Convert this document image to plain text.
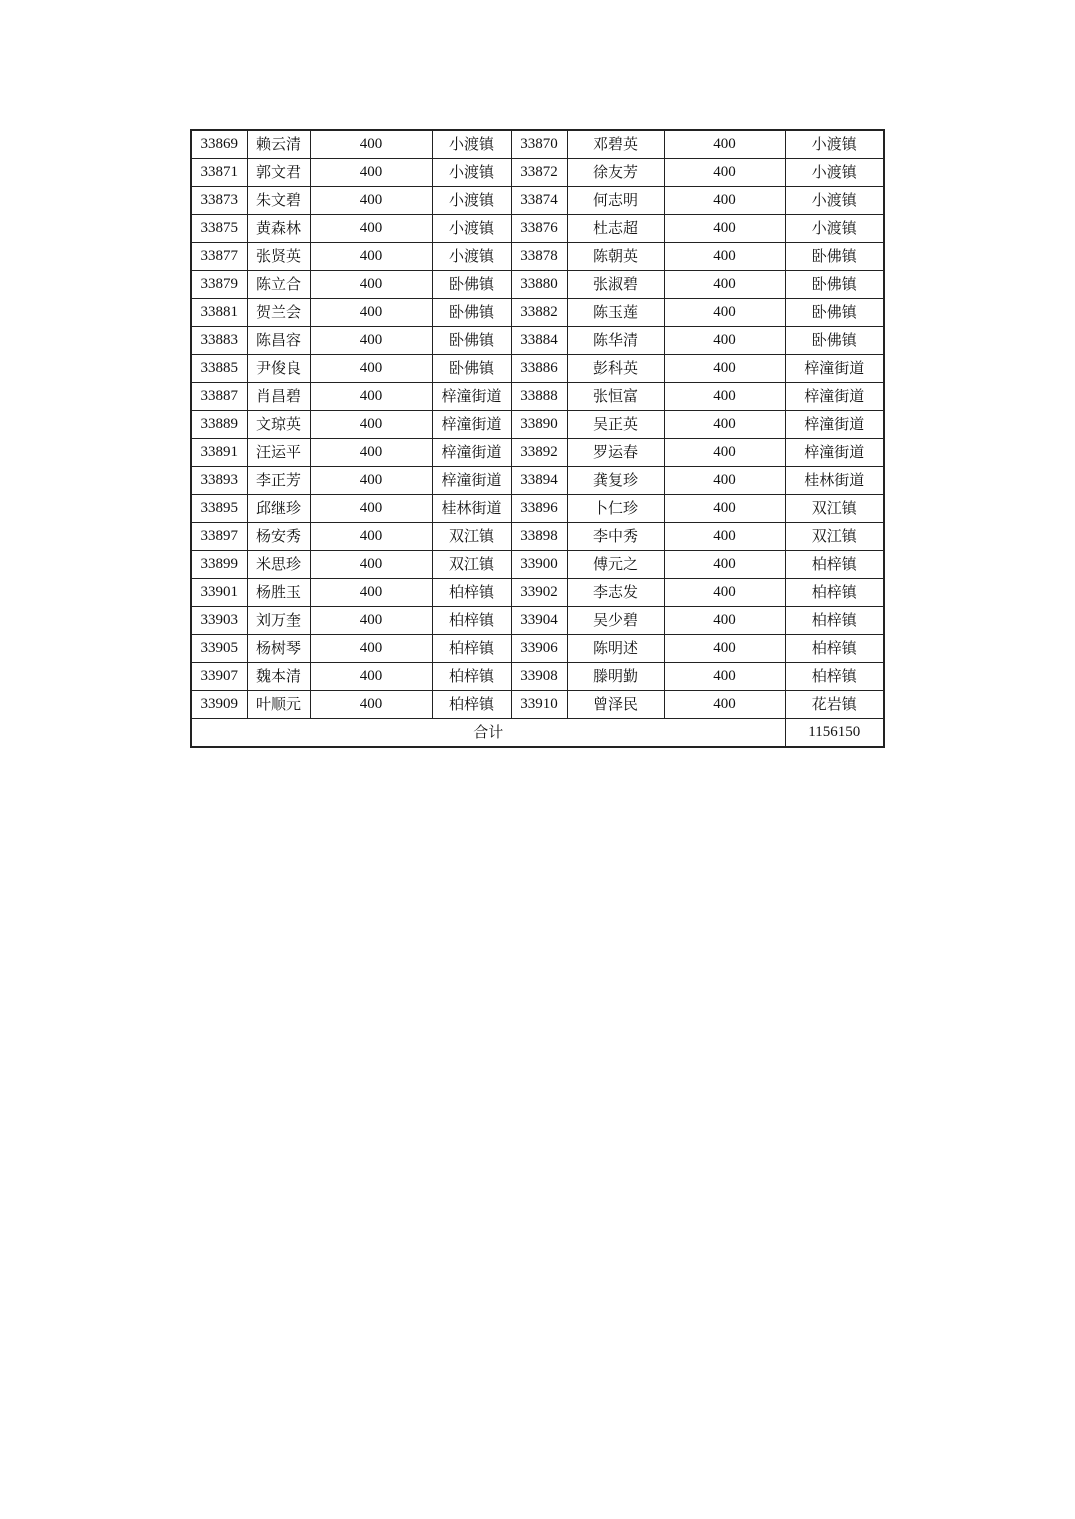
33869	赖云清	400	小渡镇	33870	邓碧英	400	小渡镇
33871	郭文君	400	小渡镇	33872	徐友芳	400	小渡镇
33873	朱文碧	400	小渡镇	33874	何志明	400	小渡镇
33875	黄森林	400	小渡镇	33876	杜志超	400	小渡镇
33877	张贤英	400	小渡镇	33878	陈朝英	400	卧佛镇
33879	陈立合	400	卧佛镇	33880	张淑碧	400	卧佛镇
33881	贺兰会	400	卧佛镇	33882	陈玉莲	400	卧佛镇
33883	陈昌容	400	卧佛镇	33884	陈华清	400	卧佛镇
33885	尹俊良	400	卧佛镇	33886	彭科英	400	梓潼街道
33887	肖昌碧	400	梓潼街道	33888	张恒富	400	梓潼街道
33889	文琼英	400	梓潼街道	33890	吴正英	400	梓潼街道
33891	汪运平	400	梓潼街道	33892	罗运春	400	梓潼街道
33893	李正芳	400	梓潼街道	33894	龚复珍	400	桂林街道
33895	邱继珍	400	桂林街道	33896	卜仁珍	400	双江镇
33897	杨安秀	400	双江镇	33898	李中秀	400	双江镇
33899	米思珍	400	双江镇	33900	傅元之	400	柏梓镇
33901	杨胜玉	400	柏梓镇	33902	李志发	400	柏梓镇
33903	刘万奎	400	柏梓镇	33904	吴少碧	400	柏梓镇
33905	杨树琴	400	柏梓镇	33906	陈明述	400	柏梓镇
33907	魏本清	400	柏梓镇	33908	滕明勤	400	柏梓镇
33909	叶顺元	400	柏梓镇	33910	曾泽民	400	花岩镇
合计							1156150
